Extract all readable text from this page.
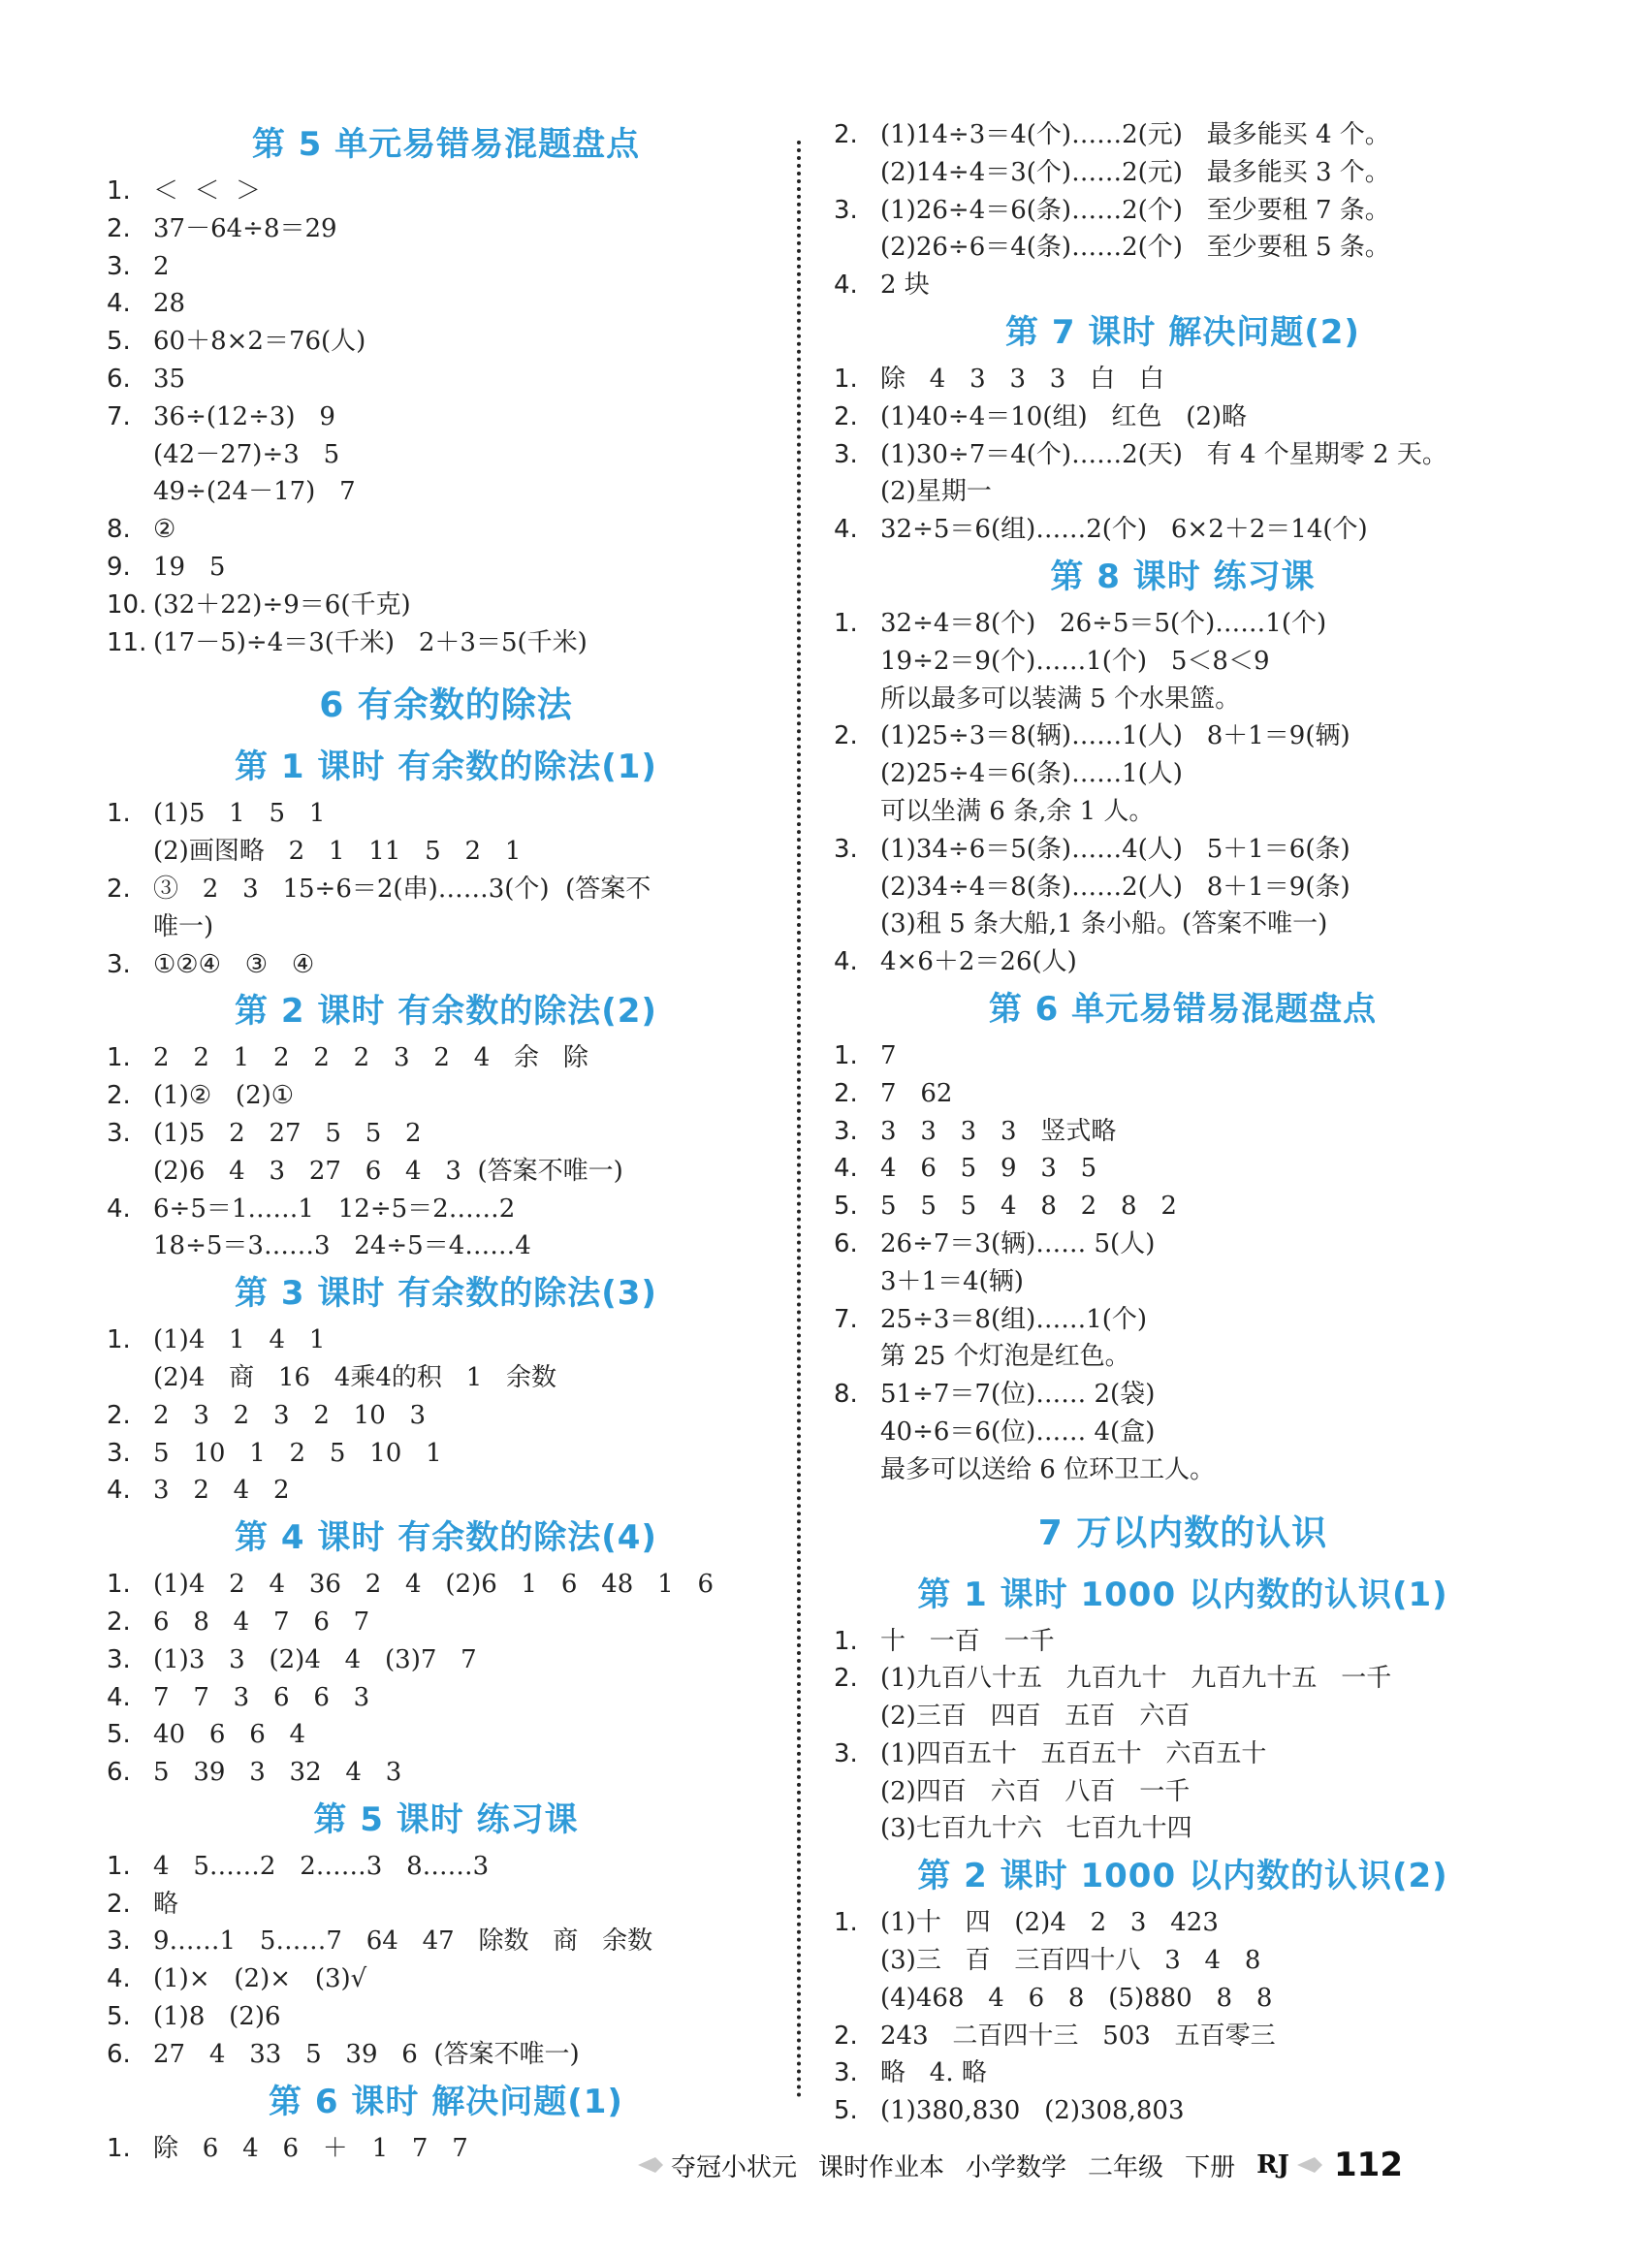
第 5 单元易错易混题盘点
1. ＜  ＜  ＞
2. 37－64÷8＝29
3. 2
4. 28
5. 60＋8×2＝76(人)
6. 35
7. 36÷(12÷3)   9
(42－27)÷3   5
49÷(24－17)   7
8. ②
9. 19   5
10. (32＋22)÷9＝6(千克)
11. (17－5)÷4＝3(千米)   2＋3＝5(千米)
6 有余数的除法
第 1 课时 有余数的除法(1)
1. (1)5   1   5   1
(2)画图略   2   1   11   5   2   1
2. ③   2   3   15÷6＝2(串)……3(个)  (答案不
唯一)
3. ①②④   ③   ④
第 2 课时 有余数的除法(2)
1. 2   2   1   2   2   2   3   2   4   余   除
2. (1)②   (2)①
3. (1)5   2   27   5   5   2
(2)6   4   3   27   6   4   3  (答案不唯一)
4. 6÷5＝1……1   12÷5＝2……2
18÷5＝3……3   24÷5＝4……4
第 3 课时 有余数的除法(3)
1. (1)4   1   4   1
(2)4   商   16   4乘4的积   1   余数
2. 2   3   2   3   2   10   3
3. 5   10   1   2   5   10   1
4. 3   2   4   2
第 4 课时 有余数的除法(4)
1. (1)4   2   4   36   2   4   (2)6   1   6   48   1   6
2. 6   8   4   7   6   7
3. (1)3   3   (2)4   4   (3)7   7
4. 7   7   3   6   6   3
5. 40   6   6   4
6. 5   39   3   32   4   3
第 5 课时 练习课
1. 4   5……2   2……3   8……3
2. 略
3. 9……1   5……7   64   47   除数   商   余数
4. (1)×   (2)×   (3)√
5. (1)8   (2)6
6. 27   4   33   5   39   6  (答案不唯一)
第 6 课时 解决问题(1)
1. 除   6   4   6   ＋   1   7   7
2. (1)14÷3＝4(个)……2(元)   最多能买 4 个。
(2)14÷4＝3(个)……2(元)   最多能买 3 个。
3. (1)26÷4＝6(条)……2(个)   至少要租 7 条。
(2)26÷6＝4(条)……2(个)   至少要租 5 条。
4. 2 块
第 7 课时 解决问题(2)
1. 除   4   3   3   3   白   白
2. (1)40÷4＝10(组)   红色   (2)略
3. (1)30÷7＝4(个)……2(天)   有 4 个星期零 2 天。
(2)星期一
4. 32÷5＝6(组)……2(个)   6×2＋2＝14(个)
第 8 课时 练习课
1. 32÷4＝8(个)   26÷5＝5(个)……1(个)
19÷2＝9(个)……1(个)   5＜8＜9
所以最多可以装满 5 个水果篮。
2. (1)25÷3＝8(辆)……1(人)   8＋1＝9(辆)
(2)25÷4＝6(条)……1(人)
可以坐满 6 条,余 1 人。
3. (1)34÷6＝5(条)……4(人)   5＋1＝6(条)
(2)34÷4＝8(条)……2(人)   8＋1＝9(条)
(3)租 5 条大船,1 条小船。(答案不唯一)
4. 4×6＋2＝26(人)
第 6 单元易错易混题盘点
1. 7
2. 7   62
3. 3   3   3   3   竖式略
4. 4   6   5   9   3   5
5. 5   5   5   4   8   2   8   2
6. 26÷7＝3(辆)…… 5(人)
3＋1＝4(辆)
7. 25÷3＝8(组)……1(个)
第 25 个灯泡是红色。
8. 51÷7＝7(位)…… 2(袋)
40÷6＝6(位)…… 4(盒)
最多可以送给 6 位环卫工人。
7 万以内数的认识
第 1 课时 1000 以内数的认识(1)
1. 十   一百   一千
2. (1)九百八十五   九百九十   九百九十五   一千
(2)三百   四百   五百   六百
3. (1)四百五十   五百五十   六百五十
(2)四百   六百   八百   一千
(3)七百九十六   七百九十四
第 2 课时 1000 以内数的认识(2)
1. (1)十   四   (2)4   2   3   423
(3)三   百   三百四十八   3   4   8
(4)468   4   6   8   (5)880   8   8
2. 243   二百四十三   503   五百零三
3. 略   4. 略
5. (1)380,830   (2)308,803
夺冠小状元 课时作业本 小学数学 二年级 下册 RJ 112
